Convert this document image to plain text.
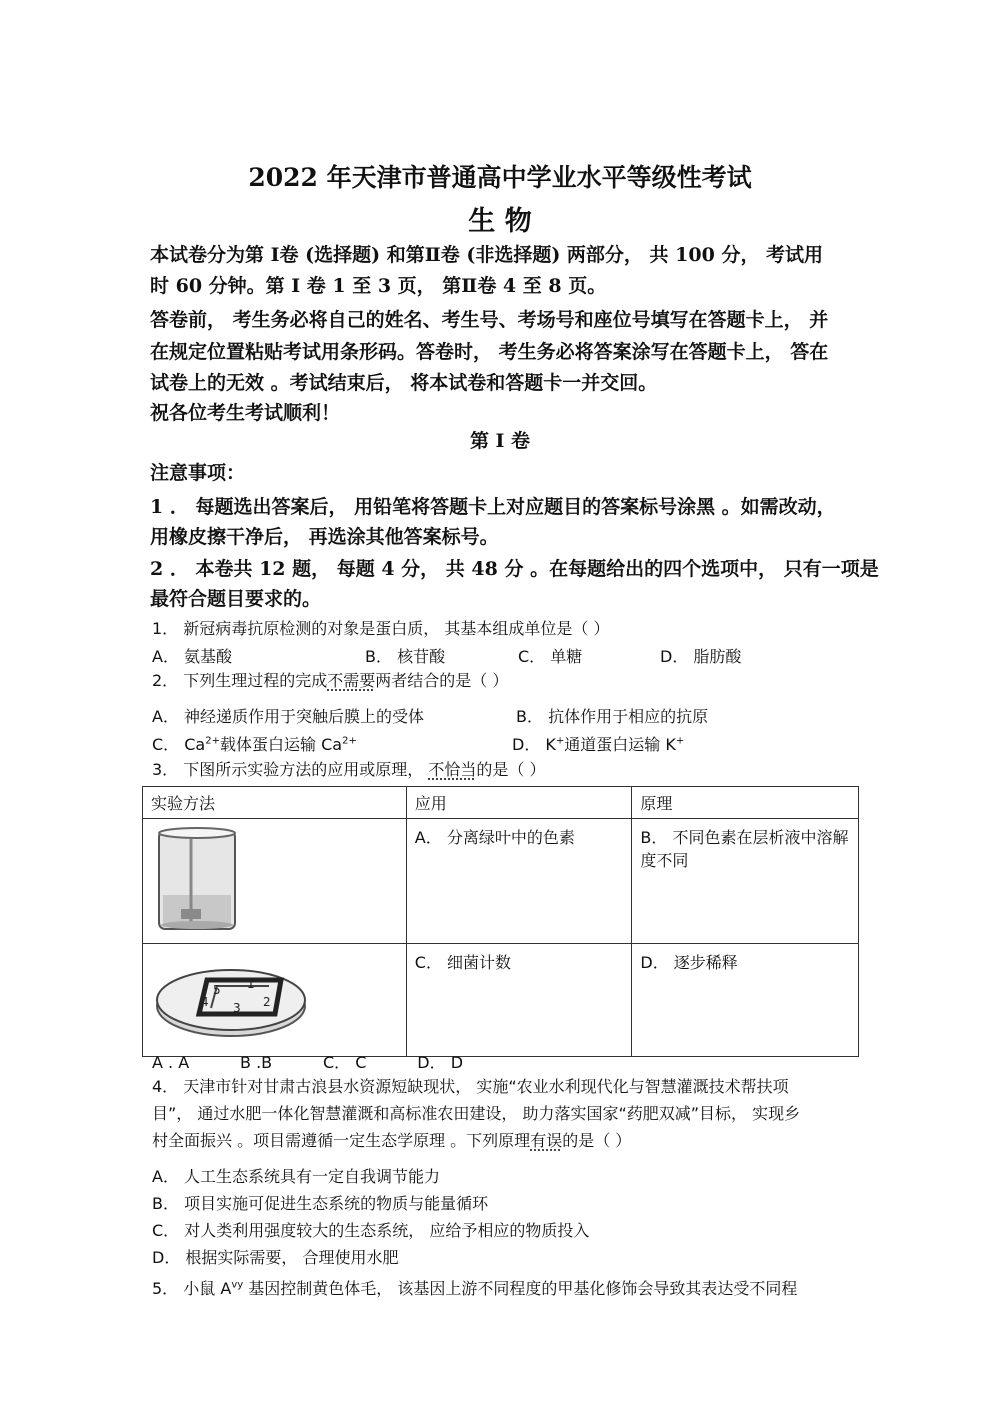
2022 年天津市普通高中学业水平等级性考试
生 物
本试卷分为第 Ⅰ卷 (选择题) 和第Ⅱ卷 (非选择题) 两部分， 共 100 分， 考试用
时 60 分钟。第 I 卷 1 至 3 页， 第Ⅱ卷 4 至 8 页。
答卷前， 考生务必将自己的姓名、考生号、考场号和座位号填写在答题卡上， 并
在规定位置粘贴考试用条形码。答卷时， 考生务必将答案涂写在答题卡上， 答在
试卷上的无效 。考试结束后， 将本试卷和答题卡一并交回。
祝各位考生考试顺利！
第 I 卷
注意事项：
1 ． 每题选出答案后， 用铅笔将答题卡上对应题目的答案标号涂黑 。如需改动，
用橡皮擦干净后， 再选涂其他答案标号。
2 ． 本卷共 12 题， 每题 4 分， 共 48 分 。在每题给出的四个选项中， 只有一项是
最符合题目要求的。
1． 新冠病毒抗原检测的对象是蛋白质， 其基本组成单位是（ ）
A． 氨基酸	B． 核苷酸	C． 单糖	D． 脂肪酸
2． 下列生理过程的完成不需要两者结合的是（ ）
A． 神经递质作用于突触后膜上的受体	B． 抗体作用于相应的抗原
C． $Ca^{2+}$载体蛋白运输 $Ca^{2+}$	D． K+通道蛋白运输 K+
3． 下图所示实验方法的应用或原理， 不恰当的是（ ）
实验方法	应用	原理
	A． 分离绿叶中的色素	B． 不同色素在层析液中溶解度不同

1
2
3
4
5	C． 细菌计数	D． 逐步稀释
A . A          B .B          C． C          D． D
4． 天津市针对甘肃古浪县水资源短缺现状， 实施“农业水利现代化与智慧灌溉技术帮扶项
目”， 通过水肥一体化智慧灌溉和高标准农田建设， 助力落实国家“药肥双减”目标， 实现乡
村全面振兴 。项目需遵循一定生态学原理 。下列原理有误的是（ ）
A． 人工生态系统具有一定自我调节能力
B． 项目实施可促进生态系统的物质与能量循环
C． 对人类利用强度较大的生态系统， 应给予相应的物质投入
D． 根据实际需要， 合理使用水肥
5． 小鼠 $A^{vy}$ 基因控制黄色体毛， 该基因上游不同程度的甲基化修饰会导致其表达受不同程
